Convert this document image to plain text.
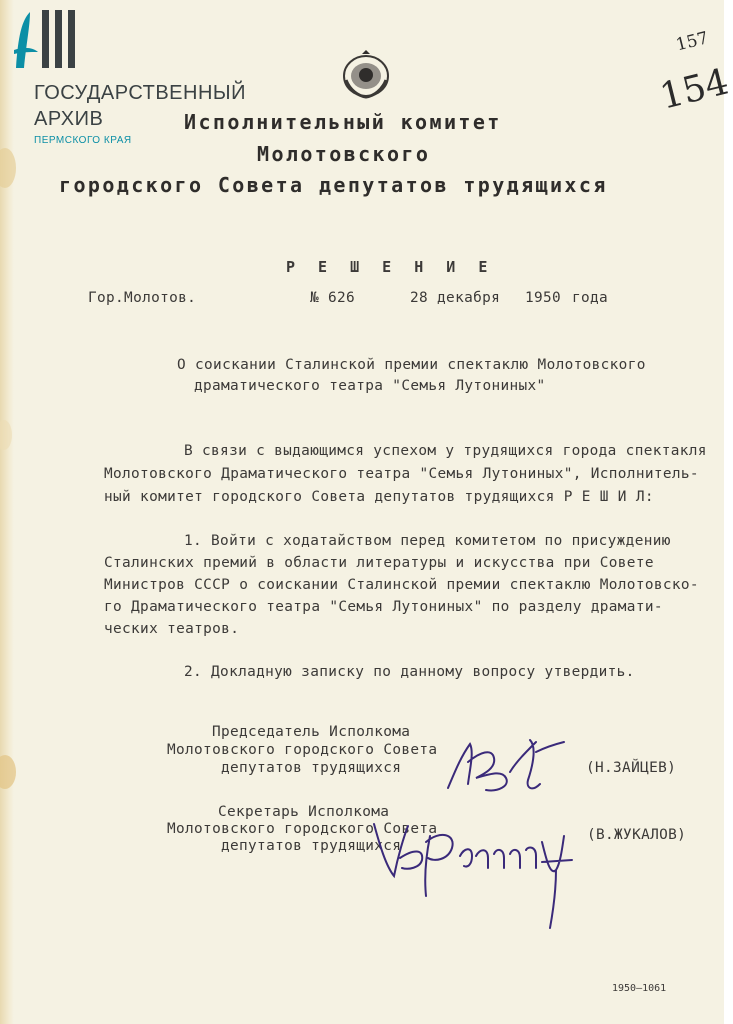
ГОСУДАРСТВЕННЫЙ
АРХИВ
ПЕРМСКОГО КРАЯ
157
154
Исполнительный комитет
Молотовского
городского Совета депутатов трудящихся
Р Е Ш Е Н И Е
Гор.Молотов.	№ 626	28 декабря 1950 года
О соискании Сталинской премии спектаклю Молотовского
драматического театра "Семья Лутониных"
В связи с выдающимся успехом у трудящихся города спектакля
Молотовского Драматического театра "Семья Лутониных", Исполнитель-
ный комитет городского Совета депутатов трудящихся Р Е Ш И Л:
1. Войти с ходатайством перед комитетом по присуждению
Сталинских премий в области литературы и искусства при Совете
Министров СССР о соискании Сталинской премии спектаклю Молотовско-
го Драматического театра "Семья Лутониных" по разделу драмати-
ческих театров.
2. Докладную записку по данному вопросу утвердить.
Председатель Исполкома
Молотовского городского Совета
депутатов трудящихся	(Н.ЗАЙЦЕВ)
Секретарь Исполкома
Молотовского городского Совета
депутатов трудящихся
(В.ЖУКАЛОВ)
1950—1061
